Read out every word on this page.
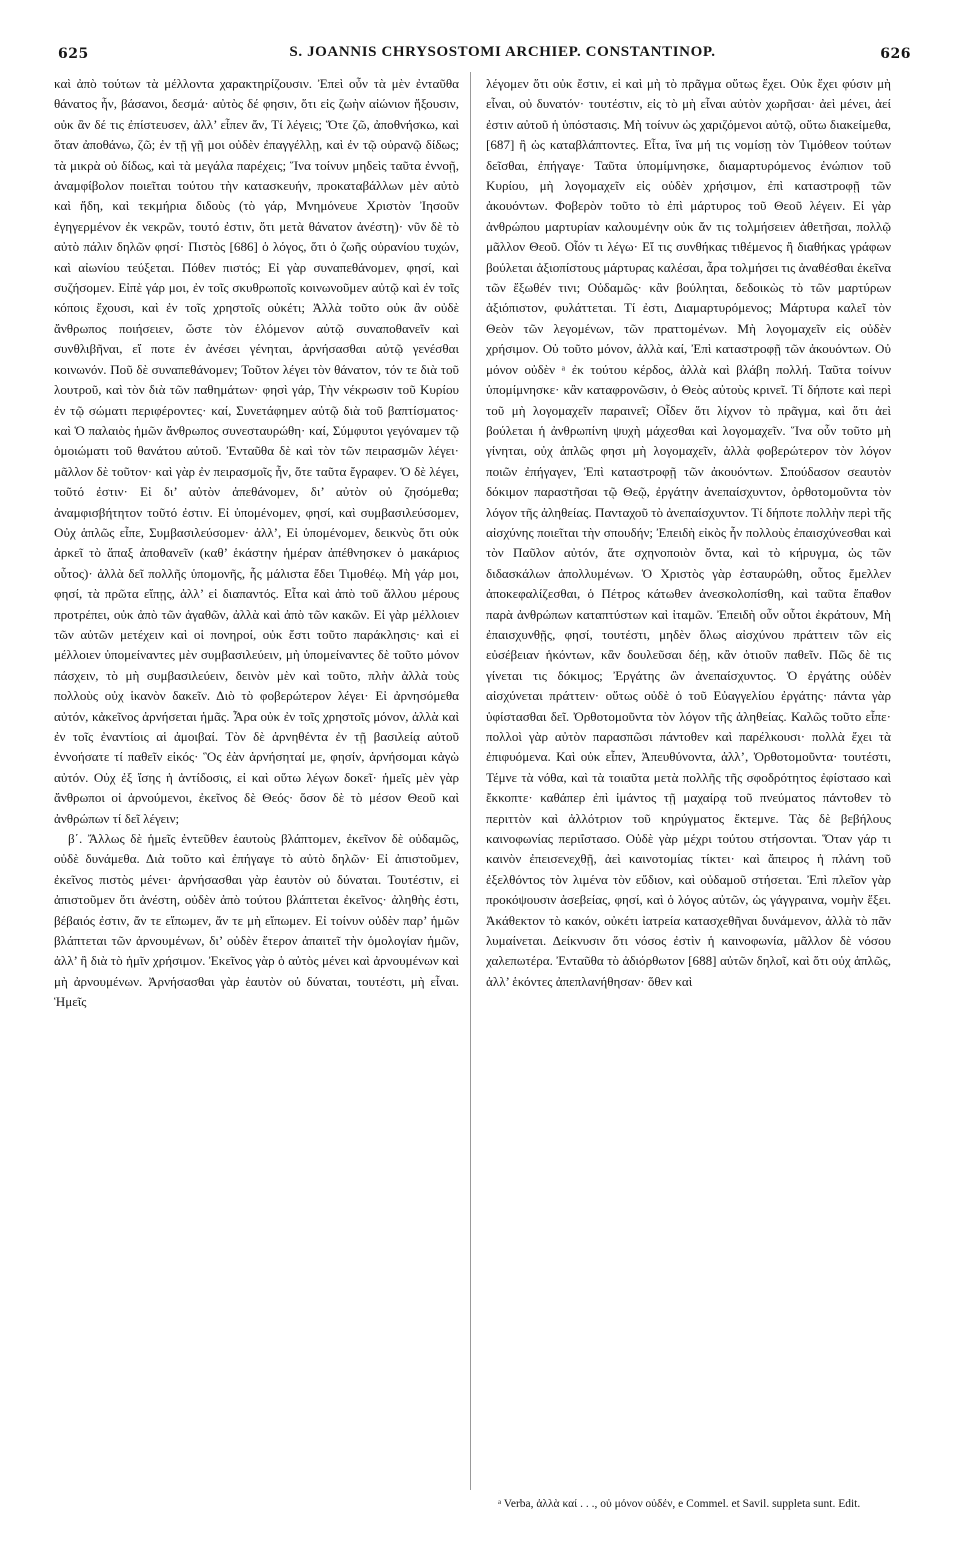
625	S. JOANNIS CHRYSOSTOMI ARCHIEP. CONSTANTINOP.	626

καὶ ἀπὸ τούτων τὰ μέλλοντα χαρακτηρίζουσιν. Ἐπεὶ οὖν τὰ μὲν ἐνταῦθα θάνατος ἦν, βάσανοι, δεσμά· αὐτὸς δέ φησιν, ὅτι εἰς ζωὴν αἰώνιον ἥξουσιν, οὐκ ἂν δέ τις ἐπίστευσεν, ἀλλ’ εἶπεν ἄν, Τί λέγεις; Ὅτε ζῶ, ἀποθνήσκω, καὶ ὅταν ἀποθάνω, ζῶ; ἐν τῇ γῇ μοι οὐδὲν ἐπαγγέλλῃ, καὶ ἐν τῷ οὐρανῷ δίδως; τὰ μικρὰ οὐ δίδως, καὶ τὰ μεγάλα παρέχεις; Ἵνα τοίνυν μηδεὶς ταῦτα ἐννοῇ, ἀναμφίβολον ποιεῖται τούτου τὴν κατασκευήν, προκαταβάλλων μὲν αὐτὸ καὶ ἤδη, καὶ τεκμήρια διδοὺς (τὸ γάρ, Μνημόνευε Χριστὸν Ἰησοῦν ἐγηγερμένον ἐκ νεκρῶν, τουτό ἐστιν, ὅτι μετὰ θάνατον ἀνέστη)· νῦν δὲ τὸ αὐτὸ πάλιν δηλῶν φησί· Πιστὸς [686] ὁ λόγος, ὅτι ὁ ζωῆς οὐρανίου τυχών, καὶ αἰωνίου τεύξεται. Πόθεν πιστός; Εἰ γὰρ συναπεθάνομεν, φησί, καὶ συζήσομεν. Εἰπὲ γάρ μοι, ἐν τοῖς σκυθρωποῖς κοινωνοῦμεν αὐτῷ καὶ ἐν τοῖς κόποις ἔχουσι, καὶ ἐν τοῖς χρηστοῖς οὐκέτι; Ἀλλὰ τοῦτο οὐκ ἂν οὐδὲ ἄνθρωπος ποιήσειεν, ὥστε τὸν ἑλόμενον αὐτῷ συναποθανεῖν καὶ συνθλιβῆναι, εἴ ποτε ἐν ἀνέσει γένηται, ἀρνήσασθαι αὐτῷ γενέσθαι κοινωνόν. Ποῦ δὲ συναπεθάνομεν; Τοῦτον λέγει τὸν θάνατον, τόν τε διὰ τοῦ λουτροῦ, καὶ τὸν διὰ τῶν παθημάτων· φησὶ γάρ, Τὴν νέκρωσιν τοῦ Κυρίου ἐν τῷ σώματι περιφέροντες· καί, Συνετάφημεν αὐτῷ διὰ τοῦ βαπτίσματος· καὶ Ὁ παλαιὸς ἡμῶν ἄνθρωπος συνεσταυρώθη· καί, Σύμφυτοι γεγόναμεν τῷ ὁμοιώματι τοῦ θανάτου αὐτοῦ. Ἐνταῦθα δὲ καὶ τὸν τῶν πειρασμῶν λέγει· μᾶλλον δὲ τοῦτον· καὶ γὰρ ἐν πειρασμοῖς ἦν, ὅτε ταῦτα ἔγραφεν. Ὁ δὲ λέγει, τοῦτό ἐστιν· Εἰ δι’ αὐτὸν ἀπεθάνομεν, δι’ αὐτὸν οὐ ζησόμεθα; ἀναμφισβήτητον τοῦτό ἐστιν. Εἰ ὑπομένομεν, φησί, καὶ συμβασιλεύσομεν, Οὐχ ἁπλῶς εἶπε, Συμβασιλεύσομεν· ἀλλ’, Εἰ ὑπομένομεν, δεικνὺς ὅτι οὐκ ἀρκεῖ τὸ ἅπαξ ἀποθανεῖν (καθ’ ἑκάστην ἡμέραν ἀπέθνησκεν ὁ μακάριος οὗτος)· ἀλλὰ δεῖ πολλῆς ὑπομονῆς, ἧς μάλιστα ἔδει Τιμοθέῳ. Μὴ γάρ μοι, φησί, τὰ πρῶτα εἴπῃς, ἀλλ’ εἰ διαπαντός. Εἶτα καὶ ἀπὸ τοῦ ἄλλου μέρους προτρέπει, οὐκ ἀπὸ τῶν ἀγαθῶν, ἀλλὰ καὶ ἀπὸ τῶν κακῶν. Εἰ γὰρ μέλλοιεν τῶν αὐτῶν μετέχειν καὶ οἱ πονηροί, οὐκ ἔστι τοῦτο παράκλησις· καὶ εἰ μέλλοιεν ὑπομείναντες μὲν συμβασιλεύειν, μὴ ὑπομείναντες δὲ τοῦτο μόνον πάσχειν, τὸ μὴ συμβασιλεύειν, δεινὸν μὲν καὶ τοῦτο, πλὴν ἀλλὰ τοὺς πολλοὺς οὐχ ἱκανὸν δακεῖν. Διὸ τὸ φοβερώτερον λέγει· Εἰ ἀρνησόμεθα αὐτόν, κἀκεῖνος ἀρνήσεται ἡμᾶς. Ἆρα οὐκ ἐν τοῖς χρηστοῖς μόνον, ἀλλὰ καὶ ἐν τοῖς ἐναντίοις αἱ ἀμοιβαί. Τὸν δὲ ἀρνηθέντα ἐν τῇ βασιλείᾳ αὐτοῦ ἐννοήσατε τί παθεῖν εἰκός· Ὃς ἐὰν ἀρνήσηταί με, φησίν, ἀρνήσομαι κἀγὼ αὐτόν. Οὐχ ἐξ ἴσης ἡ ἀντίδοσις, εἰ καὶ οὕτω λέγων δοκεῖ· ἡμεῖς μὲν γὰρ ἄνθρωποι οἱ ἀρνούμενοι, ἐκεῖνος δὲ Θεός· ὅσον δὲ τὸ μέσον Θεοῦ καὶ ἀνθρώπων τί δεῖ λέγειν;

β΄. Ἄλλως δὲ ἡμεῖς ἐντεῦθεν ἑαυτοὺς βλάπτομεν, ἐκεῖνον δὲ οὐδαμῶς, οὐδὲ δυνάμεθα. Διὰ τοῦτο καὶ ἐπήγαγε τὸ αὐτὸ δηλῶν· Εἰ ἀπιστοῦμεν, ἐκεῖνος πιστὸς μένει· ἀρνήσασθαι γὰρ ἑαυτὸν οὐ δύναται. Τουτέστιν, εἰ ἀπιστοῦμεν ὅτι ἀνέστη, οὐδὲν ἀπὸ τούτου βλάπτεται ἐκεῖνος· ἀληθὴς ἐστι, βέβαιός ἐστιν, ἄν τε εἴπωμεν, ἄν τε μὴ εἴπωμεν. Εἰ τοίνυν οὐδὲν παρ’ ἡμῶν βλάπτεται τῶν ἀρνουμένων, δι’ οὐδὲν ἕτερον ἀπαιτεῖ τὴν ὁμολογίαν ἡμῶν, ἀλλ’ ἢ διὰ τὸ ἡμῖν χρήσιμον. Ἐκεῖνος γὰρ ὁ αὐτὸς μένει καὶ ἀρνουμένων καὶ μὴ ἀρνουμένων. Ἀρνήσασθαι γὰρ ἑαυτὸν οὐ δύναται, τουτέστι, μὴ εἶναι. Ἡμεῖς

λέγομεν ὅτι οὐκ ἔστιν, εἰ καὶ μὴ τὸ πρᾶγμα οὕτως ἔχει. Οὐκ ἔχει φύσιν μὴ εἶναι, οὐ δυνατόν· τουτέστιν, εἰς τὸ μὴ εἶναι αὐτὸν χωρῆσαι· ἀεὶ μένει, ἀεί ἐστιν αὐτοῦ ἡ ὑπόστασις. Μὴ τοίνυν ὡς χαριζόμενοι αὐτῷ, οὕτω διακείμεθα, [687] ἢ ὡς καταβλάπτοντες. Εἶτα, ἵνα μή τις νομίσῃ τὸν Τιμόθεον τούτων δεῖσθαι, ἐπήγαγε· Ταῦτα ὑπομίμνησκε, διαμαρτυρόμενος ἐνώπιον τοῦ Κυρίου, μὴ λογομαχεῖν εἰς οὐδὲν χρήσιμον, ἐπὶ καταστροφῇ τῶν ἀκουόντων. Φοβερὸν τοῦτο τὸ ἐπὶ μάρτυρος τοῦ Θεοῦ λέγειν. Εἰ γὰρ ἀνθρώπου μαρτυρίαν καλουμένην οὐκ ἄν τις τολμήσειεν ἀθετῆσαι, πολλῷ μᾶλλον Θεοῦ. Οἷόν τι λέγω· Εἴ τις συνθήκας τιθέμενος ἢ διαθήκας γράφων βούλεται ἀξιοπίστους μάρτυρας καλέσαι, ἆρα τολμήσει τις ἀναθέσθαι ἐκεῖνα τῶν ἔξωθέν τινι; Οὐδαμῶς· κἂν βούληται, δεδοικὼς τὸ τῶν μαρτύρων ἀξιόπιστον, φυλάττεται. Τί ἐστι, Διαμαρτυρόμενος; Μάρτυρα καλεῖ τὸν Θεὸν τῶν λεγομένων, τῶν πραττομένων. Μὴ λογομαχεῖν εἰς οὐδὲν χρήσιμον. Οὐ τοῦτο μόνον, ἀλλὰ καί, Ἐπὶ καταστροφῇ τῶν ἀκουόντων. Οὐ μόνον οὐδὲν ᵃ ἐκ τούτου κέρδος, ἀλλὰ καὶ βλάβη πολλή. Ταῦτα τοίνυν ὑπομίμνησκε· κἂν καταφρονῶσιν, ὁ Θεὸς αὐτοὺς κρινεῖ. Τί δήποτε καὶ περὶ τοῦ μὴ λογομαχεῖν παραινεῖ; Οἶδεν ὅτι λίχνον τὸ πρᾶγμα, καὶ ὅτι ἀεὶ βούλεται ἡ ἀνθρωπίνη ψυχὴ μάχεσθαι καὶ λογομαχεῖν. Ἵνα οὖν τοῦτο μὴ γίνηται, οὐχ ἁπλῶς φησι μὴ λογομαχεῖν, ἀλλὰ φοβερώτερον τὸν λόγον ποιῶν ἐπήγαγεν, Ἐπὶ καταστροφῇ τῶν ἀκουόντων. Σπούδασον σεαυτὸν δόκιμον παραστῆσαι τῷ Θεῷ, ἐργάτην ἀνεπαίσχυντον, ὀρθοτομοῦντα τὸν λόγον τῆς ἀληθείας. Πανταχοῦ τὸ ἀνεπαίσχυντον. Τί δήποτε πολλὴν περὶ τῆς αἰσχύνης ποιεῖται τὴν σπουδήν; Ἐπειδὴ εἰκὸς ἦν πολλοὺς ἐπαισχύνεσθαι καὶ τὸν Παῦλον αὐτόν, ἅτε σχηνοποιὸν ὄντα, καὶ τὸ κήρυγμα, ὡς τῶν διδασκάλων ἀπολλυμένων. Ὁ Χριστὸς γὰρ ἐσταυρώθη, οὗτος ἔμελλεν ἀποκεφαλίζεσθαι, ὁ Πέτρος κάτωθεν ἀνεσκολοπίσθη, καὶ ταῦτα ἔπαθον παρὰ ἀνθρώπων καταπτύστων καὶ ἰταμῶν. Ἐπειδὴ οὖν οὗτοι ἐκράτουν, Μὴ ἐπαισχυνθῇς, φησί, τουτέστι, μηδὲν ὅλως αἰσχύνου πράττειν τῶν εἰς εὐσέβειαν ἡκόντων, κἂν δουλεῦσαι δέῃ, κἂν ὁτιοῦν παθεῖν. Πῶς δὲ τις γίνεται τις δόκιμος; Ἐργάτης ὢν ἀνεπαίσχυντος. Ὁ ἐργάτης οὐδὲν αἰσχύνεται πράττειν· οὕτως οὐδὲ ὁ τοῦ Εὐαγγελίου ἐργάτης· πάντα γὰρ ὑφίστασθαι δεῖ. Ὀρθοτομοῦντα τὸν λόγον τῆς ἀληθείας. Καλῶς τοῦτο εἶπε· πολλοὶ γὰρ αὐτὸν παρασπῶσι πάντοθεν καὶ παρέλκουσι· πολλὰ ἔχει τὰ ἐπιφυόμενα. Καὶ οὐκ εἶπεν, Ἀπευθύνοντα, ἀλλ’, Ὀρθοτομοῦντα· τουτέστι, Τέμνε τὰ νόθα, καὶ τὰ τοιαῦτα μετὰ πολλῆς τῆς σφοδρότητος ἐφίστασο καὶ ἔκκοπτε· καθάπερ ἐπὶ ἱμάντος τῇ μαχαίρᾳ τοῦ πνεύματος πάντοθεν τὸ περιττὸν καὶ ἀλλότριον τοῦ κηρύγματος ἔκτεμνε. Τὰς δὲ βεβήλους καινοφωνίας περιΐστασο. Οὐδὲ γὰρ μέχρι τούτου στήσονται. Ὅταν γάρ τι καινὸν ἐπεισενεχθῇ, ἀεὶ καινοτομίας τίκτει· καὶ ἄπειρος ἡ πλάνη τοῦ ἐξελθόντος τὸν λιμένα τὸν εὔδιον, καὶ οὐδαμοῦ στήσεται. Ἐπὶ πλεῖον γὰρ προκόψουσιν ἀσεβείας, φησί, καὶ ὁ λόγος αὐτῶν, ὡς γάγγραινα, νομὴν ἕξει. Ἀκάθεκτον τὸ κακόν, οὐκέτι ἰατρεία κατασχεθῆναι δυνάμενον, ἀλλὰ τὸ πᾶν λυμαίνεται. Δείκνυσιν ὅτι νόσος ἐστὶν ἡ καινοφωνία, μᾶλλον δὲ νόσου χαλεπωτέρα. Ἐνταῦθα τὸ ἀδιόρθωτον [688] αὐτῶν δηλοῖ, καὶ ὅτι οὐχ ἁπλῶς, ἀλλ’ ἑκόντες ἀπεπλανήθησαν· ὅθεν καὶ

ᵃ Verba, ἀλλὰ καί . . ., οὐ μόνον οὐδέν, e Commel. et Savil. suppleta sunt. Edit.
